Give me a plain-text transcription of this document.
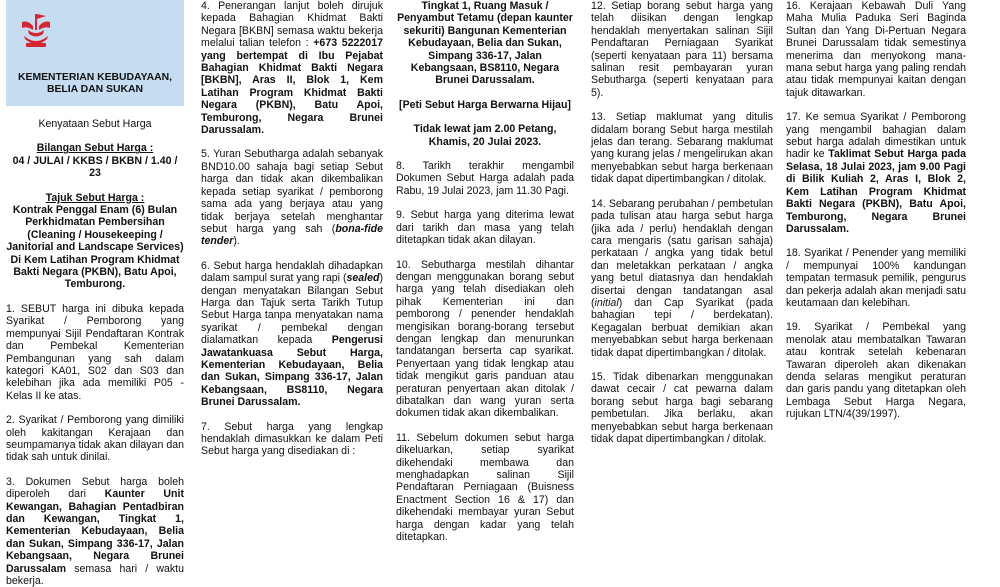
KEMENTERIAN KEBUDAYAAN, BELIA DAN SUKAN

Kenyataan Sebut Harga

Bilangan Sebut Harga :

04 / JULAI / KKBS / BKBN / 1.40 / 23

Tajuk Sebut Harga :

Kontrak Penggal Enam (6) Bulan Perkhidmatan Pembersihan (Cleaning / Housekeeping / Janitorial and Landscape Services) Di Kem Latihan Program Khidmat Bakti Negara (PKBN), Batu Apoi, Temburong.

1. SEBUT harga ini dibuka kepada Syarikat / Pemborong yang mempunyai Sijil Pendaftaran Kontrak dan Pembekal Kementerian Pembangunan yang sah dalam kategori KA01, S02 dan S03 dan kelebihan jika ada memiliki P05 - Kelas II ke atas.

2. Syarikat / Pemborong yang dimiliki oleh kakitangan Kerajaan dan seumpamanya tidak akan dilayan dan tidak sah untuk dinilai.

3. Dokumen Sebut harga boleh diperoleh dari Kaunter Unit Kewangan, Bahagian Pentadbiran dan Kewangan, Tingkat 1, Kementerian Kebudayaan, Belia dan Sukan, Simpang 336-17, Jalan Kebangsaan, Negara Brunei Darussalam semasa hari / waktu bekerja.

4. Penerangan lanjut boleh dirujuk kepada Bahagian Khidmat Bakti Negara [BKBN] semasa waktu bekerja melalui talian telefon : +673 5222017 yang bertempat di Ibu Pejabat Bahagian Khidmat Bakti Negara [BKBN], Aras II, Blok 1, Kem Latihan Program Khidmat Bakti Negara (PKBN), Batu Apoi, Temburong, Negara Brunei Darussalam.

5. Yuran Sebutharga adalah sebanyak BND10.00 sahaja bagi setiap Sebut harga dan tidak akan dikembalikan kepada setiap syarikat / pemborong sama ada yang berjaya atau yang tidak berjaya setelah menghantar sebut harga yang sah (bona-fide tender).

6. Sebut harga hendaklah dihadapkan dalam sampul surat yang rapi (sealed) dengan menyatakan Bilangan Sebut Harga dan Tajuk serta Tarikh Tutup Sebut Harga tanpa menyatakan nama syarikat / pembekal dengan dialamatkan kepada Pengerusi Jawatankuasa Sebut Harga, Kementerian Kebudayaan, Belia dan Sukan, Simpang 336-17, Jalan Kebangsaan, BS8110, Negara Brunei Darussalam.

7. Sebut harga yang lengkap hendaklah dimasukkan ke dalam Peti Sebut harga yang disediakan di :

Tingkat 1, Ruang Masuk / Penyambut Tetamu (depan kaunter sekuriti) Bangunan Kementerian Kebudayaan, Belia dan Sukan, Simpang 336-17, Jalan Kebangsaan, BS8110, Negara Brunei Darussalam.

[Peti Sebut Harga Berwarna Hijau]

Tidak lewat jam 2.00 Petang, Khamis, 20 Julai 2023.

8. Tarikh terakhir mengambil Dokumen Sebut Harga adalah pada Rabu, 19 Julai 2023, jam 11.30 Pagi.

9. Sebut harga yang diterima lewat dari tarikh dan masa yang telah ditetapkan tidak akan dilayan.

10. Sebutharga mestilah dihantar dengan menggunakan borang sebut harga yang telah disediakan oleh pihak Kementerian ini dan pemborong / penender hendaklah mengisikan borang-borang tersebut dengan lengkap dan menurunkan tandatangan berserta cap syarikat. Penyertaan yang tidak lengkap atau tidak mengikut garis panduan atau peraturan penyertaan akan ditolak / dibatalkan dan wang yuran serta dokumen tidak akan dikembalikan.

11. Sebelum dokumen sebut harga dikeluarkan, setiap syarikat dikehendaki membawa dan menghadapkan salinan Sijil Pendaftaran Perniagaan (Buisness Enactment Section 16 & 17) dan dikehendaki membayar yuran Sebut harga dengan kadar yang telah ditetapkan.

12. Setiap borang sebut harga yang telah diisikan dengan lengkap hendaklah menyertakan salinan Sijil Pendaftaran Perniagaan Syarikat (seperti kenyataan para 11) bersama salinan resit pembayaran yuran Sebutharga (seperti kenyataan para 5).

13. Setiap maklumat yang ditulis didalam borang Sebut harga mestilah jelas dan terang. Sebarang maklumat yang kurang jelas / mengelirukan akan menyebabkan sebut harga berkenaan tidak dapat dipertimbangkan / ditolak.

14. Sebarang perubahan / pembetulan pada tulisan atau harga sebut harga (jika ada / perlu) hendaklah dengan cara mengaris (satu garisan sahaja) perkataan / angka yang tidak betul dan meletakkan perkataan / angka yang betul diatasnya dan hendaklah disertai dengan tandatangan asal (initial) dan Cap Syarikat (pada bahagian tepi / berdekatan). Kegagalan berbuat demikian akan menyebabkan sebut harga berkenaan tidak dapat dipertimbangkan / ditolak.

15. Tidak dibenarkan menggunakan dawat cecair / cat pewarna dalam borang sebut harga bagi sebarang pembetulan. Jika berlaku, akan menyebabkan sebut harga berkenaan tidak dapat dipertimbangkan / ditolak.

16. Kerajaan Kebawah Duli Yang Maha Mulia Paduka Seri Baginda Sultan dan Yang Di-Pertuan Negara Brunei Darussalam tidak semestinya menerima dan menyokong mana-mana sebut harga yang paling rendah atau tidak mempunyai kaitan dengan tajuk ditawarkan.

17. Ke semua Syarikat / Pemborong yang mengambil bahagian dalam sebut harga adalah dimestikan untuk hadir ke Taklimat Sebut Harga pada Selasa, 18 Julai 2023, jam 9.00 Pagi di Bilik Kuliah 2, Aras I, Blok 2, Kem Latihan Program Khidmat Bakti Negara (PKBN), Batu Apoi, Temburong, Negara Brunei Darussalam.

18. Syarikat / Penender yang memiliki / mempunyai 100% kandungan tempatan termasuk pemilik, pengurus dan pekerja adalah akan menjadi satu keutamaan dan kelebihan.

19. Syarikat / Pembekal yang menolak atau membatalkan Tawaran atau kontrak setelah kebenaran Tawaran diperoleh akan dikenakan denda selaras mengikut peraturan dan garis pandu yang ditetapkan oleh Lembaga Sebut Harga Negara, rujukan LTN/4(39/1997).
